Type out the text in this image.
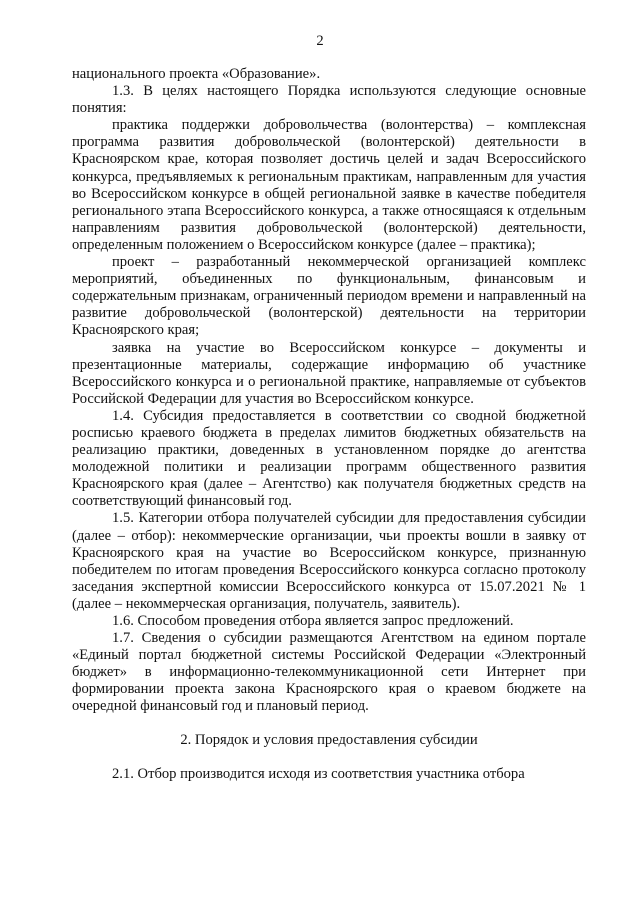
2

национального проекта «Образование».

1.3. В целях настоящего Порядка используются следующие основные понятия:

практика поддержки добровольчества (волонтерства) – комплексная программа развития добровольческой (волонтерской) деятельности в Красноярском крае, которая позволяет достичь целей и задач Всероссийского конкурса, предъявляемых к региональным практикам, направленным для участия во Всероссийском конкурсе в общей региональной заявке в качестве победителя регионального этапа Всероссийского конкурса, а также относящаяся к отдельным направлениям развития добровольческой (волонтерской) деятельности, определенным положением о Всероссийском конкурсе (далее – практика);

проект – разработанный некоммерческой организацией комплекс мероприятий, объединенных по функциональным, финансовым и содержательным признакам, ограниченный периодом времени и направленный на развитие добровольческой (волонтерской) деятельности на территории Красноярского края;

заявка на участие во Всероссийском конкурсе – документы и презентационные материалы, содержащие информацию об участнике Всероссийского конкурса и о региональной практике, направляемые от субъектов Российской Федерации для участия во Всероссийском конкурсе.

1.4. Субсидия предоставляется в соответствии со сводной бюджетной росписью краевого бюджета в пределах лимитов бюджетных обязательств на реализацию практики, доведенных в установленном порядке до агентства молодежной политики и реализации программ общественного развития Красноярского края (далее – Агентство) как получателя бюджетных средств на соответствующий финансовый год.

1.5. Категории отбора получателей субсидии для предоставления субсидии (далее – отбор): некоммерческие организации, чьи проекты вошли в заявку от Красноярского края на участие во Всероссийском конкурсе, признанную победителем по итогам проведения Всероссийского конкурса согласно протоколу заседания экспертной комиссии Всероссийского конкурса от 15.07.2021 № 1 (далее – некоммерческая организация, получатель, заявитель).

1.6. Способом проведения отбора является запрос предложений.

1.7. Сведения о субсидии размещаются Агентством на едином портале «Единый портал бюджетной системы Российской Федерации «Электронный бюджет» в информационно-телекоммуникационной сети Интернет при формировании проекта закона Красноярского края о краевом бюджете на очередной финансовый год и плановый период.

2. Порядок и условия предоставления субсидии

2.1. Отбор производится исходя из соответствия участника отбора
